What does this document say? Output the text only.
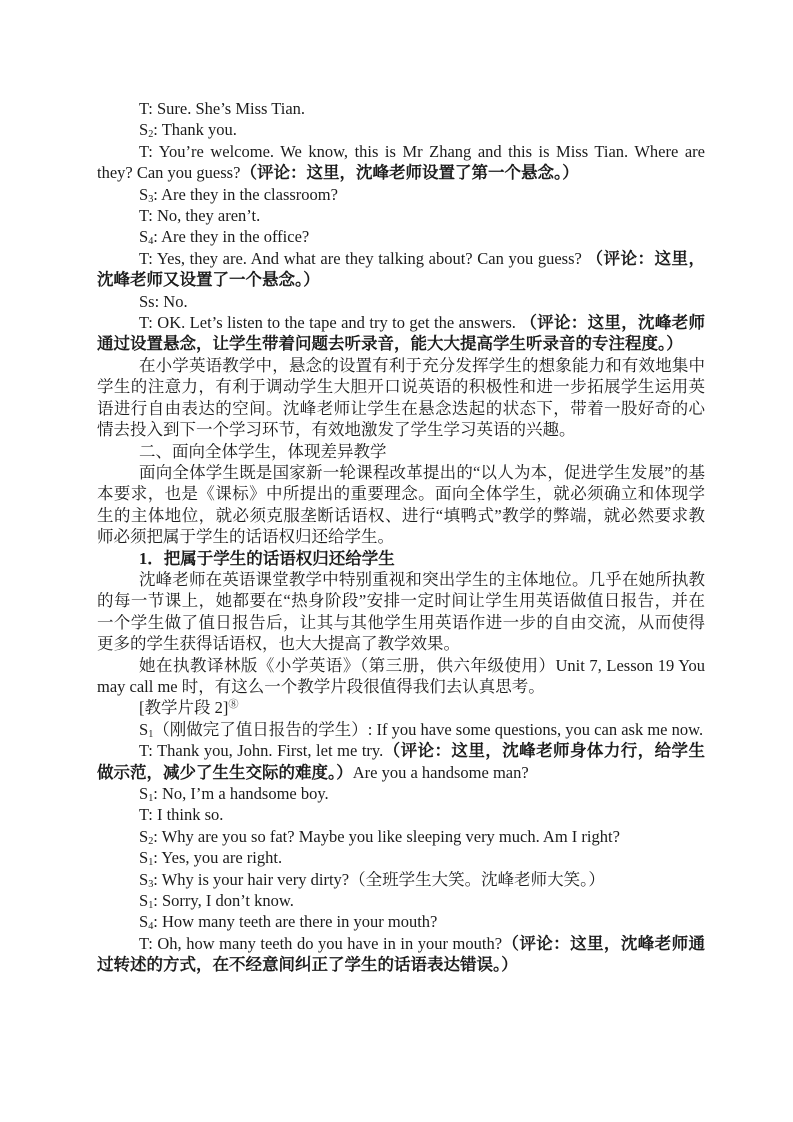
T: Sure. She’s Miss Tian.

$S_2$: Thank you.

T: You’re welcome. We know, this is Mr Zhang and this is Miss Tian. Where are they? Can you guess?（评论：这里，沈峰老师设置了第一个悬念。）

$S_3$: Are they in the classroom?

T: No, they aren’t.

$S_4$: Are they in the office?

T: Yes, they are. And what are they talking about? Can you guess? （评论：这里，沈峰老师又设置了一个悬念。）

Ss: No.

T: OK. Let’s listen to the tape and try to get the answers. （评论：这里，沈峰老师通过设置悬念，让学生带着问题去听录音，能大大提高学生听录音的专注程度。）

在小学英语教学中，悬念的设置有利于充分发挥学生的想象能力和有效地集中学生的注意力，有利于调动学生大胆开口说英语的积极性和进一步拓展学生运用英语进行自由表达的空间。沈峰老师让学生在悬念迭起的状态下，带着一股好奇的心情去投入到下一个学习环节，有效地激发了学生学习英语的兴趣。

二、面向全体学生，体现差异教学

面向全体学生既是国家新一轮课程改革提出的“以人为本，促进学生发展”的基本要求，也是《课标》中所提出的重要理念。面向全体学生，就必须确立和体现学生的主体地位，就必须克服垄断话语权、进行“填鸭式”教学的弊端，就必然要求教师必须把属于学生的话语权归还给学生。

1．把属于学生的话语权归还给学生

沈峰老师在英语课堂教学中特别重视和突出学生的主体地位。几乎在她所执教的每一节课上，她都要在“热身阶段”安排一定时间让学生用英语做值日报告，并在一个学生做了值日报告后，让其与其他学生用英语作进一步的自由交流，从而使得更多的学生获得话语权，也大大提高了教学效果。

她在执教译林版《小学英语》（第三册，供六年级使用）Unit 7, Lesson 19 You may call me 时，有这么一个教学片段很值得我们去认真思考。

[教学片段 2]⑧

$S_1$（刚做完了值日报告的学生）: If you have some questions, you can ask me now.

T: Thank you, John. First, let me try.（评论：这里，沈峰老师身体力行，给学生做示范，减少了生生交际的难度。）Are you a handsome man?

$S_1$: No, I’m a handsome boy.

T: I think so.

$S_2$: Why are you so fat? Maybe you like sleeping very much. Am I right?

$S_1$: Yes, you are right.

$S_3$: Why is your hair very dirty?（全班学生大笑。沈峰老师大笑。）

$S_1$: Sorry, I don’t know.

$S_4$: How many teeth are there in your mouth?

T: Oh, how many teeth do you have in in your mouth?（评论：这里，沈峰老师通过转述的方式，在不经意间纠正了学生的话语表达错误。）
